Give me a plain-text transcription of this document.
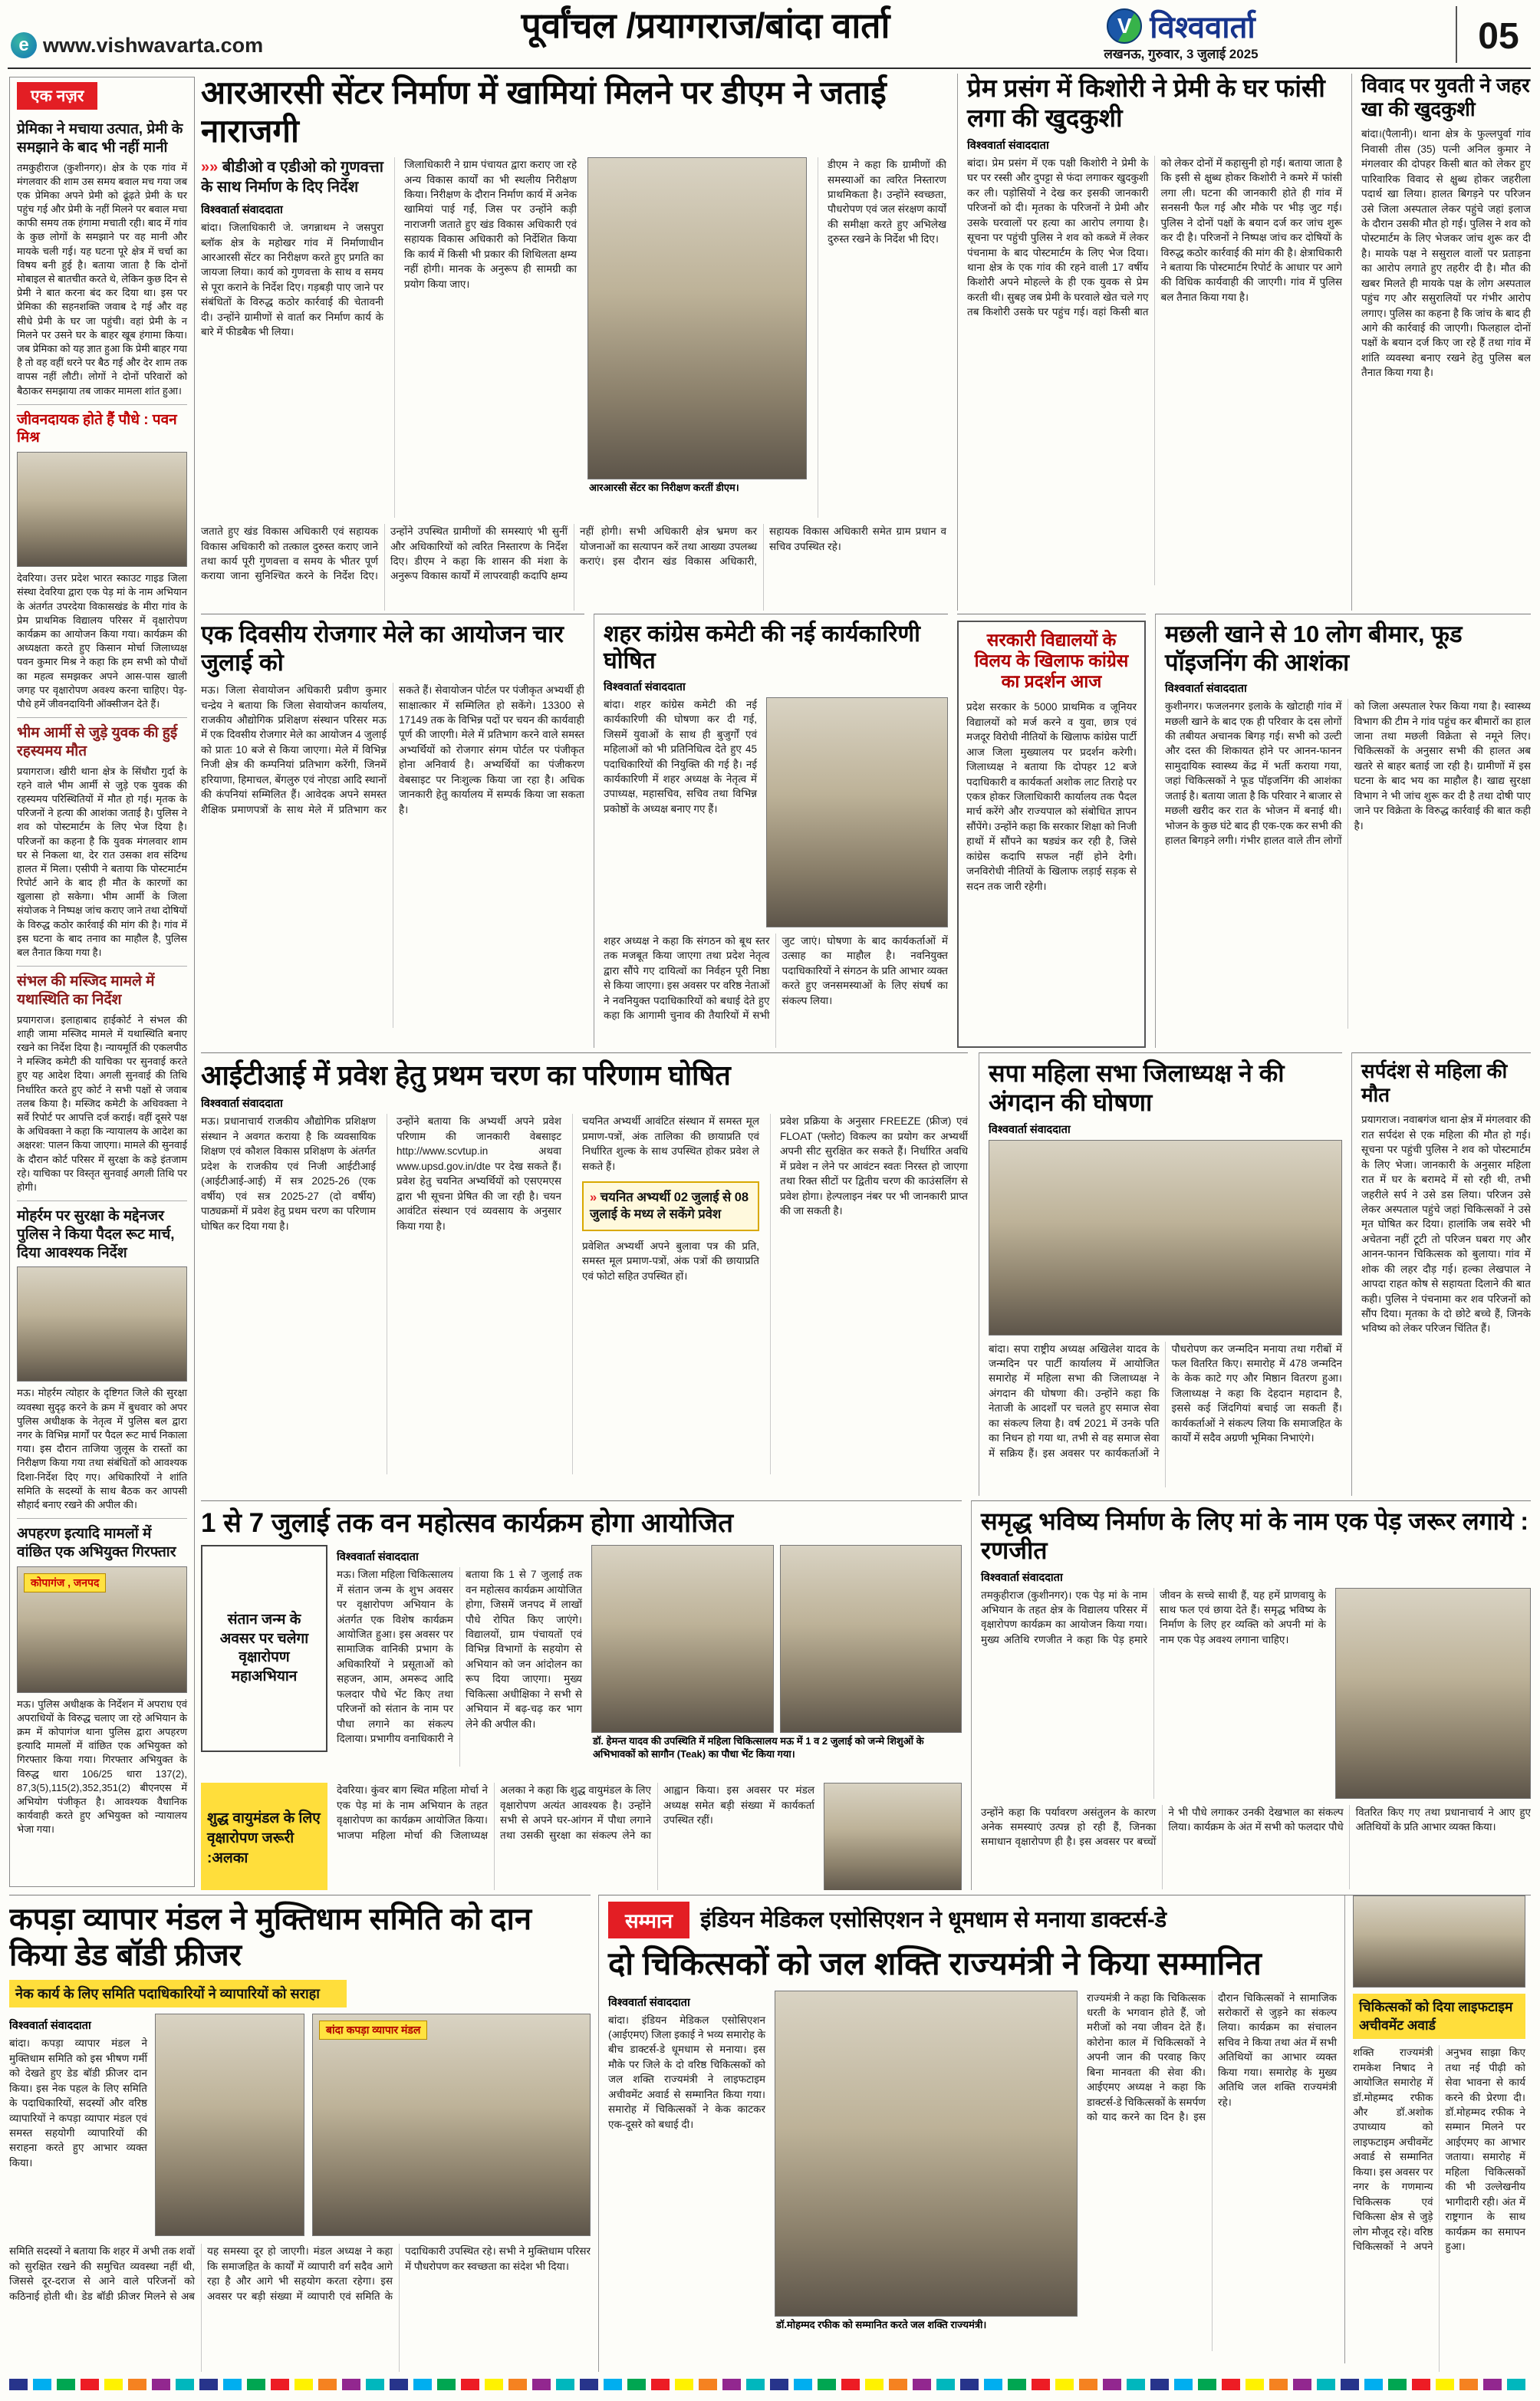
e www.vishwavarta.com	पूर्वांचल /प्रयागराज/बांदा वार्ता	V विश्ववार्ता
लखनऊ, गुरुवार, 3 जुलाई 2025	05
एक नज़र
प्रेमिका ने मचाया उत्पात, प्रेमी के समझाने के बाद भी नहीं मानी
तमकुहीराज (कुशीनगर)। क्षेत्र के एक गांव में मंगलवार की शाम उस समय बवाल मच गया जब एक प्रेमिका अपने प्रेमी को ढूंढ़ते प्रेमी के घर पहुंच गई और प्रेमी के नहीं मिलने पर बवाल मचा काफी समय तक हंगामा मचाती रही। बाद में गांव के कुछ लोगों के समझाने पर वह मानी और मायके चली गई। यह घटना पूरे क्षेत्र में चर्चा का विषय बनी हुई है। बताया जाता है कि दोनों मोबाइल से बातचीत करते थे, लेकिन कुछ दिन से प्रेमी ने बात करना बंद कर दिया था। इस पर प्रेमिका की सहनशक्ति जवाब दे गई और वह सीधे प्रेमी के घर जा पहुंची। वहां प्रेमी के न मिलने पर उसने घर के बाहर खूब हंगामा किया। जब प्रेमिका को यह ज्ञात हुआ कि प्रेमी बाहर गया है तो वह वहीं धरने पर बैठ गई और देर शाम तक वापस नहीं लौटी। लोगों ने दोनों परिवारों को बैठाकर समझाया तब जाकर मामला शांत हुआ।
जीवनदायक होते हैं पौधे : पवन मिश्र
देवरिया। उत्तर प्रदेश भारत स्काउट गाइड जिला संस्था देवरिया द्वारा एक पेड़ मां के नाम अभियान के अंतर्गत उपरदेया विकासखंड के मीरा गांव के प्रेम प्राथमिक विद्यालय परिसर में वृक्षारोपण कार्यक्रम का आयोजन किया गया। कार्यक्रम की अध्यक्षता करते हुए किसान मोर्चा जिलाध्यक्ष पवन कुमार मिश्र ने कहा कि हम सभी को पौधों का महत्व समझकर अपने आस-पास खाली जगह पर वृक्षारोपण अवश्य करना चाहिए। पेड़-पौधे हमें जीवनदायिनी ऑक्सीजन देते हैं।
भीम आर्मी से जुड़े युवक की हुई रहस्यमय मौत
प्रयागराज। खीरी थाना क्षेत्र के सिंधौरा गुर्दा के रहने वाले भीम आर्मी से जुड़े एक युवक की रहस्यमय परिस्थितियों में मौत हो गई। मृतक के परिजनों ने हत्या की आशंका जताई है। पुलिस ने शव को पोस्टमार्टम के लिए भेज दिया है। परिजनों का कहना है कि युवक मंगलवार शाम घर से निकला था, देर रात उसका शव संदिग्ध हालत में मिला। एसीपी ने बताया कि पोस्टमार्टम रिपोर्ट आने के बाद ही मौत के कारणों का खुलासा हो सकेगा। भीम आर्मी के जिला संयोजक ने निष्पक्ष जांच कराए जाने तथा दोषियों के विरुद्ध कठोर कार्रवाई की मांग की है। गांव में इस घटना के बाद तनाव का माहौल है, पुलिस बल तैनात किया गया है।
संभल की मस्जिद मामले में यथास्थिति का निर्देश
प्रयागराज। इलाहाबाद हाईकोर्ट ने संभल की शाही जामा मस्जिद मामले में यथास्थिति बनाए रखने का निर्देश दिया है। न्यायमूर्ति की एकलपीठ ने मस्जिद कमेटी की याचिका पर सुनवाई करते हुए यह आदेश दिया। अगली सुनवाई की तिथि निर्धारित करते हुए कोर्ट ने सभी पक्षों से जवाब तलब किया है। मस्जिद कमेटी के अधिवक्ता ने सर्वे रिपोर्ट पर आपत्ति दर्ज कराई। वहीं दूसरे पक्ष के अधिवक्ता ने कहा कि न्यायालय के आदेश का अक्षरश: पालन किया जाएगा। मामले की सुनवाई के दौरान कोर्ट परिसर में सुरक्षा के कड़े इंतजाम रहे। याचिका पर विस्तृत सुनवाई अगली तिथि पर होगी।
मोहर्रम पर सुरक्षा के मद्देनजर पुलिस ने किया पैदल रूट मार्च, दिया आवश्यक निर्देश
मऊ। मोहर्रम त्योहार के दृष्टिगत जिले की सुरक्षा व्यवस्था सुदृढ़ करने के क्रम में बुधवार को अपर पुलिस अधीक्षक के नेतृत्व में पुलिस बल द्वारा नगर के विभिन्न मार्गों पर पैदल रूट मार्च निकाला गया। इस दौरान ताजिया जुलूस के रास्तों का निरीक्षण किया गया तथा संबंधितों को आवश्यक दिशा-निर्देश दिए गए। अधिकारियों ने शांति समिति के सदस्यों के साथ बैठक कर आपसी सौहार्द बनाए रखने की अपील की।
अपहरण इत्यादि मामलों में वांछित एक अभियुक्त गिरफ्तार
कोपागंज , जनपद
मऊ। पुलिस अधीक्षक के निर्देशन में अपराध एवं अपराधियों के विरुद्ध चलाए जा रहे अभियान के क्रम में कोपागंज थाना पुलिस द्वारा अपहरण इत्यादि मामलों में वांछित एक अभियुक्त को गिरफ्तार किया गया। गिरफ्तार अभियुक्त के विरुद्ध धारा 106/25 धारा 137(2), 87,3(5),115(2),352,351(2) बीएनएस में अभियोग पंजीकृत है। आवश्यक वैधानिक कार्यवाही करते हुए अभियुक्त को न्यायालय भेजा गया।
आरआरसी सेंटर निर्माण में खामियां मिलने पर डीएम ने जताई नाराजगी
»» बीडीओ व एडीओ को गुणवत्ता के साथ निर्माण के दिए निर्देश
विश्ववार्ता संवाददाता
बांदा। जिलाधिकारी जे. जगन्नाथम ने जसपुरा ब्लॉक क्षेत्र के महोखर गांव में निर्माणाधीन आरआरसी सेंटर का निरीक्षण करते हुए प्रगति का जायजा लिया। कार्य को गुणवत्ता के साथ व समय से पूरा कराने के निर्देश दिए। गड़बड़ी पाए जाने पर संबंधितों के विरुद्ध कठोर कार्रवाई की चेतावनी दी। उन्होंने ग्रामीणों से वार्ता कर निर्माण कार्य के बारे में फीडबैक भी लिया।
जिलाधिकारी ने ग्राम पंचायत द्वारा कराए जा रहे अन्य विकास कार्यों का भी स्थलीय निरीक्षण किया। निरीक्षण के दौरान निर्माण कार्य में अनेक खामियां पाई गईं, जिस पर उन्होंने कड़ी नाराजगी जताते हुए खंड विकास अधिकारी एवं सहायक विकास अधिकारी को निर्देशित किया कि कार्य में किसी भी प्रकार की शिथिलता क्षम्य नहीं होगी। मानक के अनुरूप ही सामग्री का प्रयोग किया जाए।
आरआरसी सेंटर का निरीक्षण करतीं डीएम।
डीएम ने कहा कि ग्रामीणों की समस्याओं का त्वरित निस्तारण प्राथमिकता है। उन्होंने स्वच्छता, पौधरोपण एवं जल संरक्षण कार्यों की समीक्षा करते हुए अभिलेख दुरुस्त रखने के निर्देश भी दिए।
जताते हुए खंड विकास अधिकारी एवं सहायक विकास अधिकारी को तत्काल दुरुस्त कराए जाने तथा कार्य पूरी गुणवत्ता व समय के भीतर पूर्ण कराया जाना सुनिश्चित करने के निर्देश दिए। उन्होंने उपस्थित ग्रामीणों की समस्याएं भी सुनीं और अधिकारियों को त्वरित निस्तारण के निर्देश दिए। डीएम ने कहा कि शासन की मंशा के अनुरूप विकास कार्यों में लापरवाही कदापि क्षम्य नहीं होगी। सभी अधिकारी क्षेत्र भ्रमण कर योजनाओं का सत्यापन करें तथा आख्या उपलब्ध कराएं। इस दौरान खंड विकास अधिकारी, सहायक विकास अधिकारी समेत ग्राम प्रधान व सचिव उपस्थित रहे।
प्रेम प्रसंग में किशोरी ने प्रेमी के घर फांसी लगा की खुदकुशी
विश्ववार्ता संवाददाता
बांदा। प्रेम प्रसंग में एक पक्षी किशोरी ने प्रेमी के घर पर रस्सी और दुपट्टा से फंदा लगाकर खुदकुशी कर ली। पड़ोसियों ने देख कर इसकी जानकारी परिजनों को दी। मृतका के परिजनों ने प्रेमी और उसके घरवालों पर हत्या का आरोप लगाया है। सूचना पर पहुंची पुलिस ने शव को कब्जे में लेकर पंचनामा के बाद पोस्टमार्टम के लिए भेज दिया। थाना क्षेत्र के एक गांव की रहने वाली 17 वर्षीय किशोरी अपने मोहल्ले के ही एक युवक से प्रेम करती थी। सुबह जब प्रेमी के घरवाले खेत चले गए तब किशोरी उसके घर पहुंच गई। वहां किसी बात को लेकर दोनों में कहासुनी हो गई। बताया जाता है कि इसी से क्षुब्ध होकर किशोरी ने कमरे में फांसी लगा ली। घटना की जानकारी होते ही गांव में सनसनी फैल गई और मौके पर भीड़ जुट गई। पुलिस ने दोनों पक्षों के बयान दर्ज कर जांच शुरू कर दी है। परिजनों ने निष्पक्ष जांच कर दोषियों के विरुद्ध कठोर कार्रवाई की मांग की है। क्षेत्राधिकारी ने बताया कि पोस्टमार्टम रिपोर्ट के आधार पर आगे की विधिक कार्यवाही की जाएगी। गांव में पुलिस बल तैनात किया गया है।
विवाद पर युवती ने जहर खा की खुदकुशी
बांदा।(पैलानी)। थाना क्षेत्र के फुल्लपुर्वा गांव निवासी तीस (35) पत्नी अनिल कुमार ने मंगलवार की दोपहर किसी बात को लेकर हुए पारिवारिक विवाद से क्षुब्ध होकर जहरीला पदार्थ खा लिया। हालत बिगड़ने पर परिजन उसे जिला अस्पताल लेकर पहुंचे जहां इलाज के दौरान उसकी मौत हो गई। पुलिस ने शव को पोस्टमार्टम के लिए भेजकर जांच शुरू कर दी है। मायके पक्ष ने ससुराल वालों पर प्रताड़ना का आरोप लगाते हुए तहरीर दी है। मौत की खबर मिलते ही मायके पक्ष के लोग अस्पताल पहुंच गए और ससुरालियों पर गंभीर आरोप लगाए। पुलिस का कहना है कि जांच के बाद ही आगे की कार्रवाई की जाएगी। फिलहाल दोनों पक्षों के बयान दर्ज किए जा रहे हैं तथा गांव में शांति व्यवस्था बनाए रखने हेतु पुलिस बल तैनात किया गया है।
एक दिवसीय रोजगार मेले का आयोजन चार जुलाई को
मऊ। जिला सेवायोजन अधिकारी प्रवीण कुमार चन्द्रेय ने बताया कि जिला सेवायोजन कार्यालय, राजकीय औद्योगिक प्रशिक्षण संस्थान परिसर मऊ में एक दिवसीय रोजगार मेले का आयोजन 4 जुलाई को प्रातः 10 बजे से किया जाएगा। मेले में विभिन्न निजी क्षेत्र की कम्पनियां प्रतिभाग करेंगी, जिनमें हरियाणा, हिमाचल, बेंगलुरु एवं नोएडा आदि स्थानों की कंपनियां सम्मिलित हैं। आवेदक अपने समस्त शैक्षिक प्रमाणपत्रों के साथ मेले में प्रतिभाग कर सकते हैं। सेवायोजन पोर्टल पर पंजीकृत अभ्यर्थी ही साक्षात्कार में सम्मिलित हो सकेंगे। 13300 से 17149 तक के विभिन्न पदों पर चयन की कार्यवाही पूर्ण की जाएगी। मेले में प्रतिभाग करने वाले समस्त अभ्यर्थियों को रोजगार संगम पोर्टल पर पंजीकृत होना अनिवार्य है। अभ्यर्थियों का पंजीकरण वेबसाइट पर निःशुल्क किया जा रहा है। अधिक जानकारी हेतु कार्यालय में सम्पर्क किया जा सकता है।
शहर कांग्रेस कमेटी की नई कार्यकारिणी घोषित
विश्ववार्ता संवाददाता
बांदा। शहर कांग्रेस कमेटी की नई कार्यकारिणी की घोषणा कर दी गई, जिसमें युवाओं के साथ ही बुजुर्गों एवं महिलाओं को भी प्रतिनिधित्व देते हुए 45 पदाधिकारियों की नियुक्ति की गई है। नई कार्यकारिणी में शहर अध्यक्ष के नेतृत्व में उपाध्यक्ष, महासचिव, सचिव तथा विभिन्न प्रकोष्ठों के अध्यक्ष बनाए गए हैं।
शहर अध्यक्ष ने कहा कि संगठन को बूथ स्तर तक मजबूत किया जाएगा तथा प्रदेश नेतृत्व द्वारा सौंपे गए दायित्वों का निर्वहन पूरी निष्ठा से किया जाएगा। इस अवसर पर वरिष्ठ नेताओं ने नवनियुक्त पदाधिकारियों को बधाई देते हुए कहा कि आगामी चुनाव की तैयारियों में सभी जुट जाएं। घोषणा के बाद कार्यकर्ताओं में उत्साह का माहौल है। नवनियुक्त पदाधिकारियों ने संगठन के प्रति आभार व्यक्त करते हुए जनसमस्याओं के लिए संघर्ष का संकल्प लिया।
सरकारी विद्यालयों के विलय के खिलाफ कांग्रेस का प्रदर्शन आज
प्रदेश सरकार के 5000 प्राथमिक व जूनियर विद्यालयों को मर्ज करने व युवा, छात्र एवं मजदूर विरोधी नीतियों के खिलाफ कांग्रेस पार्टी आज जिला मुख्यालय पर प्रदर्शन करेगी। जिलाध्यक्ष ने बताया कि दोपहर 12 बजे पदाधिकारी व कार्यकर्ता अशोक लाट तिराहे पर एकत्र होकर जिलाधिकारी कार्यालय तक पैदल मार्च करेंगे और राज्यपाल को संबोधित ज्ञापन सौंपेंगे। उन्होंने कहा कि सरकार शिक्षा को निजी हाथों में सौंपने का षड्यंत्र कर रही है, जिसे कांग्रेस कदापि सफल नहीं होने देगी। जनविरोधी नीतियों के खिलाफ लड़ाई सड़क से सदन तक जारी रहेगी।
मछली खाने से 10 लोग बीमार, फूड पॉइजनिंग की आशंका
विश्ववार्ता संवाददाता
कुशीनगर। फजलनगर इलाके के खोटाही गांव में मछली खाने के बाद एक ही परिवार के दस लोगों की तबीयत अचानक बिगड़ गई। सभी को उल्टी और दस्त की शिकायत होने पर आनन-फानन सामुदायिक स्वास्थ्य केंद्र में भर्ती कराया गया, जहां चिकित्सकों ने फूड पॉइजनिंग की आशंका जताई है। बताया जाता है कि परिवार ने बाजार से मछली खरीद कर रात के भोजन में बनाई थी। भोजन के कुछ घंटे बाद ही एक-एक कर सभी की हालत बिगड़ने लगी। गंभीर हालत वाले तीन लोगों को जिला अस्पताल रेफर किया गया है। स्वास्थ्य विभाग की टीम ने गांव पहुंच कर बीमारों का हाल जाना तथा मछली विक्रेता से नमूने लिए। चिकित्सकों के अनुसार सभी की हालत अब खतरे से बाहर बताई जा रही है। ग्रामीणों में इस घटना के बाद भय का माहौल है। खाद्य सुरक्षा विभाग ने भी जांच शुरू कर दी है तथा दोषी पाए जाने पर विक्रेता के विरुद्ध कार्रवाई की बात कही है।
आईटीआई में प्रवेश हेतु प्रथम चरण का परिणाम घोषित
विश्ववार्ता संवाददाता
मऊ। प्रधानाचार्य राजकीय औद्योगिक प्रशिक्षण संस्थान ने अवगत कराया है कि व्यवसायिक शिक्षण एवं कौशल विकास प्रशिक्षण के अंतर्गत प्रदेश के राजकीय एवं निजी आईटीआई (आईटीआई-आई) में सत्र 2025-26 (एक वर्षीय) एवं सत्र 2025-27 (दो वर्षीय) पाठ्यक्रमों में प्रवेश हेतु प्रथम चरण का परिणाम घोषित कर दिया गया है।
उन्होंने बताया कि अभ्यर्थी अपने प्रवेश परिणाम की जानकारी वेबसाइट http://www.scvtup.in अथवा www.upsd.gov.in/dte पर देख सकते हैं। प्रवेश हेतु चयनित अभ्यर्थियों को एसएमएस द्वारा भी सूचना प्रेषित की जा रही है। चयन आवंटित संस्थान एवं व्यवसाय के अनुसार किया गया है।
चयनित अभ्यर्थी आवंटित संस्थान में समस्त मूल प्रमाण-पत्रों, अंक तालिका की छायाप्रति एवं निर्धारित शुल्क के साथ उपस्थित होकर प्रवेश ले सकते हैं।
» चयनित अभ्यर्थी 02 जुलाई से 08 जुलाई के मध्य ले सकेंगे प्रवेश
प्रवेशित अभ्यर्थी अपने बुलावा पत्र की प्रति, समस्त मूल प्रमाण-पत्रों, अंक पत्रों की छायाप्रति एवं फोटो सहित उपस्थित हों।
प्रवेश प्रक्रिया के अनुसार FREEZE (फ्रीज) एवं FLOAT (फ्लोट) विकल्प का प्रयोग कर अभ्यर्थी अपनी सीट सुरक्षित कर सकते हैं। निर्धारित अवधि में प्रवेश न लेने पर आवंटन स्वतः निरस्त हो जाएगा तथा रिक्त सीटों पर द्वितीय चरण की काउंसलिंग से प्रवेश होगा। हेल्पलाइन नंबर पर भी जानकारी प्राप्त की जा सकती है।
सपा महिला सभा जिलाध्यक्ष ने की अंगदान की घोषणा
विश्ववार्ता संवाददाता
बांदा। सपा राष्ट्रीय अध्यक्ष अखिलेश यादव के जन्मदिन पर पार्टी कार्यालय में आयोजित समारोह में महिला सभा की जिलाध्यक्ष ने अंगदान की घोषणा की। उन्होंने कहा कि नेताजी के आदर्शों पर चलते हुए समाज सेवा का संकल्प लिया है। वर्ष 2021 में उनके पति का निधन हो गया था, तभी से वह समाज सेवा में सक्रिय हैं। इस अवसर पर कार्यकर्ताओं ने पौधरोपण कर जन्मदिन मनाया तथा गरीबों में फल वितरित किए। समारोह में 478 जन्मदिन के केक काटे गए और मिष्ठान वितरण हुआ। जिलाध्यक्ष ने कहा कि देहदान महादान है, इससे कई जिंदगियां बचाई जा सकती हैं। कार्यकर्ताओं ने संकल्प लिया कि समाजहित के कार्यों में सदैव अग्रणी भूमिका निभाएंगे।
सर्पदंश से महिला की मौत
प्रयागराज। नवाबगंज थाना क्षेत्र में मंगलवार की रात सर्पदंश से एक महिला की मौत हो गई। सूचना पर पहुंची पुलिस ने शव को पोस्टमार्टम के लिए भेजा। जानकारी के अनुसार महिला रात में घर के बरामदे में सो रही थी, तभी जहरीले सर्प ने उसे डस लिया। परिजन उसे लेकर अस्पताल पहुंचे जहां चिकित्सकों ने उसे मृत घोषित कर दिया। हालांकि जब सवेरे भी अचेतना नहीं टूटी तो परिजन घबरा गए और आनन-फानन चिकित्सक को बुलाया। गांव में शोक की लहर दौड़ गई। हल्का लेखपाल ने आपदा राहत कोष से सहायता दिलाने की बात कही। पुलिस ने पंचनामा कर शव परिजनों को सौंप दिया। मृतका के दो छोटे बच्चे हैं, जिनके भविष्य को लेकर परिजन चिंतित हैं।
1 से 7 जुलाई तक वन महोत्सव कार्यक्रम होगा आयोजित
संतान जन्म के अवसर पर चलेगा वृक्षारोपण महाअभियान
विश्ववार्ता संवाददाता
मऊ। जिला महिला चिकित्सालय में संतान जन्म के शुभ अवसर पर वृक्षारोपण अभियान के अंतर्गत एक विशेष कार्यक्रम आयोजित हुआ। इस अवसर पर सामाजिक वानिकी प्रभाग के अधिकारियों ने प्रसूताओं को सहजन, आम, अमरूद आदि फलदार पौधे भेंट किए तथा परिजनों को संतान के नाम पर पौधा लगाने का संकल्प दिलाया। प्रभागीय वनाधिकारी ने बताया कि 1 से 7 जुलाई तक वन महोत्सव कार्यक्रम आयोजित होगा, जिसमें जनपद में लाखों पौधे रोपित किए जाएंगे। विद्यालयों, ग्राम पंचायतों एवं विभिन्न विभागों के सहयोग से अभियान को जन आंदोलन का रूप दिया जाएगा। मुख्य चिकित्सा अधीक्षिका ने सभी से अभियान में बढ़-चढ़ कर भाग लेने की अपील की।
डॉ. हेमन्त यादव की उपस्थिति में महिला चिकित्सालय मऊ में 1 व 2 जुलाई को जन्मे शिशुओं के अभिभावकों को सागौन (Teak) का पौधा भेंट किया गया।
शुद्ध वायुमंडल के लिए वृक्षारोपण जरूरी :अलका
देवरिया। कुंवर बाग स्थित महिला मोर्चा ने एक पेड़ मां के नाम अभियान के तहत वृक्षारोपण का कार्यक्रम आयोजित किया। भाजपा महिला मोर्चा की जिलाध्यक्ष अलका ने कहा कि शुद्ध वायुमंडल के लिए वृक्षारोपण अत्यंत आवश्यक है। उन्होंने सभी से अपने घर-आंगन में पौधा लगाने तथा उसकी सुरक्षा का संकल्प लेने का आह्वान किया। इस अवसर पर मंडल अध्यक्ष समेत बड़ी संख्या में कार्यकर्ता उपस्थित रहीं।
समृद्ध भविष्य निर्माण के लिए मां के नाम एक पेड़ जरूर लगाये : रणजीत
विश्ववार्ता संवाददाता
तमकुहीराज (कुशीनगर)। एक पेड़ मां के नाम अभियान के तहत क्षेत्र के विद्यालय परिसर में वृक्षारोपण कार्यक्रम का आयोजन किया गया। मुख्य अतिथि रणजीत ने कहा कि पेड़ हमारे जीवन के सच्चे साथी हैं, यह हमें प्राणवायु के साथ फल एवं छाया देते हैं। समृद्ध भविष्य के निर्माण के लिए हर व्यक्ति को अपनी मां के नाम एक पेड़ अवश्य लगाना चाहिए।
उन्होंने कहा कि पर्यावरण असंतुलन के कारण अनेक समस्याएं उत्पन्न हो रही हैं, जिनका समाधान वृक्षारोपण ही है। इस अवसर पर बच्चों ने भी पौधे लगाकर उनकी देखभाल का संकल्प लिया। कार्यक्रम के अंत में सभी को फलदार पौधे वितरित किए गए तथा प्रधानाचार्य ने आए हुए अतिथियों के प्रति आभार व्यक्त किया।
कपड़ा व्यापार मंडल ने मुक्तिधाम समिति को दान किया डेड बॉडी फ्रीजर
नेक कार्य के लिए समिति पदाधिकारियों ने व्यापारियों को सराहा
विश्ववार्ता संवाददाता
बांदा। कपड़ा व्यापार मंडल ने मुक्तिधाम समिति को इस भीषण गर्मी को देखते हुए डेड बॉडी फ्रीजर दान किया। इस नेक पहल के लिए समिति के पदाधिकारियों, सदस्यों और वरिष्ठ व्यापारियों ने कपड़ा व्यापार मंडल एवं समस्त सहयोगी व्यापारियों की सराहना करते हुए आभार व्यक्त किया।
बांदा कपड़ा व्यापार मंडल
समिति सदस्यों ने बताया कि शहर में अभी तक शवों को सुरक्षित रखने की समुचित व्यवस्था नहीं थी, जिससे दूर-दराज से आने वाले परिजनों को कठिनाई होती थी। डेड बॉडी फ्रीजर मिलने से अब यह समस्या दूर हो जाएगी। मंडल अध्यक्ष ने कहा कि समाजहित के कार्यों में व्यापारी वर्ग सदैव आगे रहा है और आगे भी सहयोग करता रहेगा। इस अवसर पर बड़ी संख्या में व्यापारी एवं समिति के पदाधिकारी उपस्थित रहे। सभी ने मुक्तिधाम परिसर में पौधरोपण कर स्वच्छता का संदेश भी दिया।
सम्मान	इंडियन मेडिकल एसोसिएशन ने धूमधाम से मनाया डाक्टर्स-डे
दो चिकित्सकों को जल शक्ति राज्यमंत्री ने किया सम्मानित
विश्ववार्ता संवाददाता
बांदा। इंडियन मेडिकल एसोसिएशन (आईएमए) जिला इकाई ने भव्य समारोह के बीच डाक्टर्स-डे धूमधाम से मनाया। इस मौके पर जिले के दो वरिष्ठ चिकित्सकों को जल शक्ति राज्यमंत्री ने लाइफटाइम अचीवमेंट अवार्ड से सम्मानित किया गया। समारोह में चिकित्सकों ने केक काटकर एक-दूसरे को बधाई दी।
डॉ.मोहम्मद रफीक को सम्मानित करते जल शक्ति राज्यमंत्री।
राज्यमंत्री ने कहा कि चिकित्सक धरती के भगवान होते हैं, जो मरीजों को नया जीवन देते हैं। कोरोना काल में चिकित्सकों ने अपनी जान की परवाह किए बिना मानवता की सेवा की। आईएमए अध्यक्ष ने कहा कि डाक्टर्स-डे चिकित्सकों के समर्पण को याद करने का दिन है। इस दौरान चिकित्सकों ने सामाजिक सरोकारों से जुड़ने का संकल्प लिया। कार्यक्रम का संचालन सचिव ने किया तथा अंत में सभी अतिथियों का आभार व्यक्त किया गया। समारोह के मुख्य अतिथि जल शक्ति राज्यमंत्री रहे।
चिकित्सकों को दिया लाइफटाइम अचीवमेंट अवार्ड
शक्ति राज्यमंत्री रामकेश निषाद ने आयोजित समारोह में डॉ.मोहम्मद रफीक और डॉ.अशोक उपाध्याय को लाइफटाइम अचीवमेंट अवार्ड से सम्मानित किया। इस अवसर पर नगर के गणमान्य चिकित्सक एवं चिकित्सा क्षेत्र से जुड़े लोग मौजूद रहे। वरिष्ठ चिकित्सकों ने अपने अनुभव साझा किए तथा नई पीढ़ी को सेवा भावना से कार्य करने की प्रेरणा दी। डॉ.मोहम्मद रफीक ने सम्मान मिलने पर आईएमए का आभार जताया। समारोह में महिला चिकित्सकों की भी उल्लेखनीय भागीदारी रही। अंत में राष्ट्रगान के साथ कार्यक्रम का समापन हुआ।
